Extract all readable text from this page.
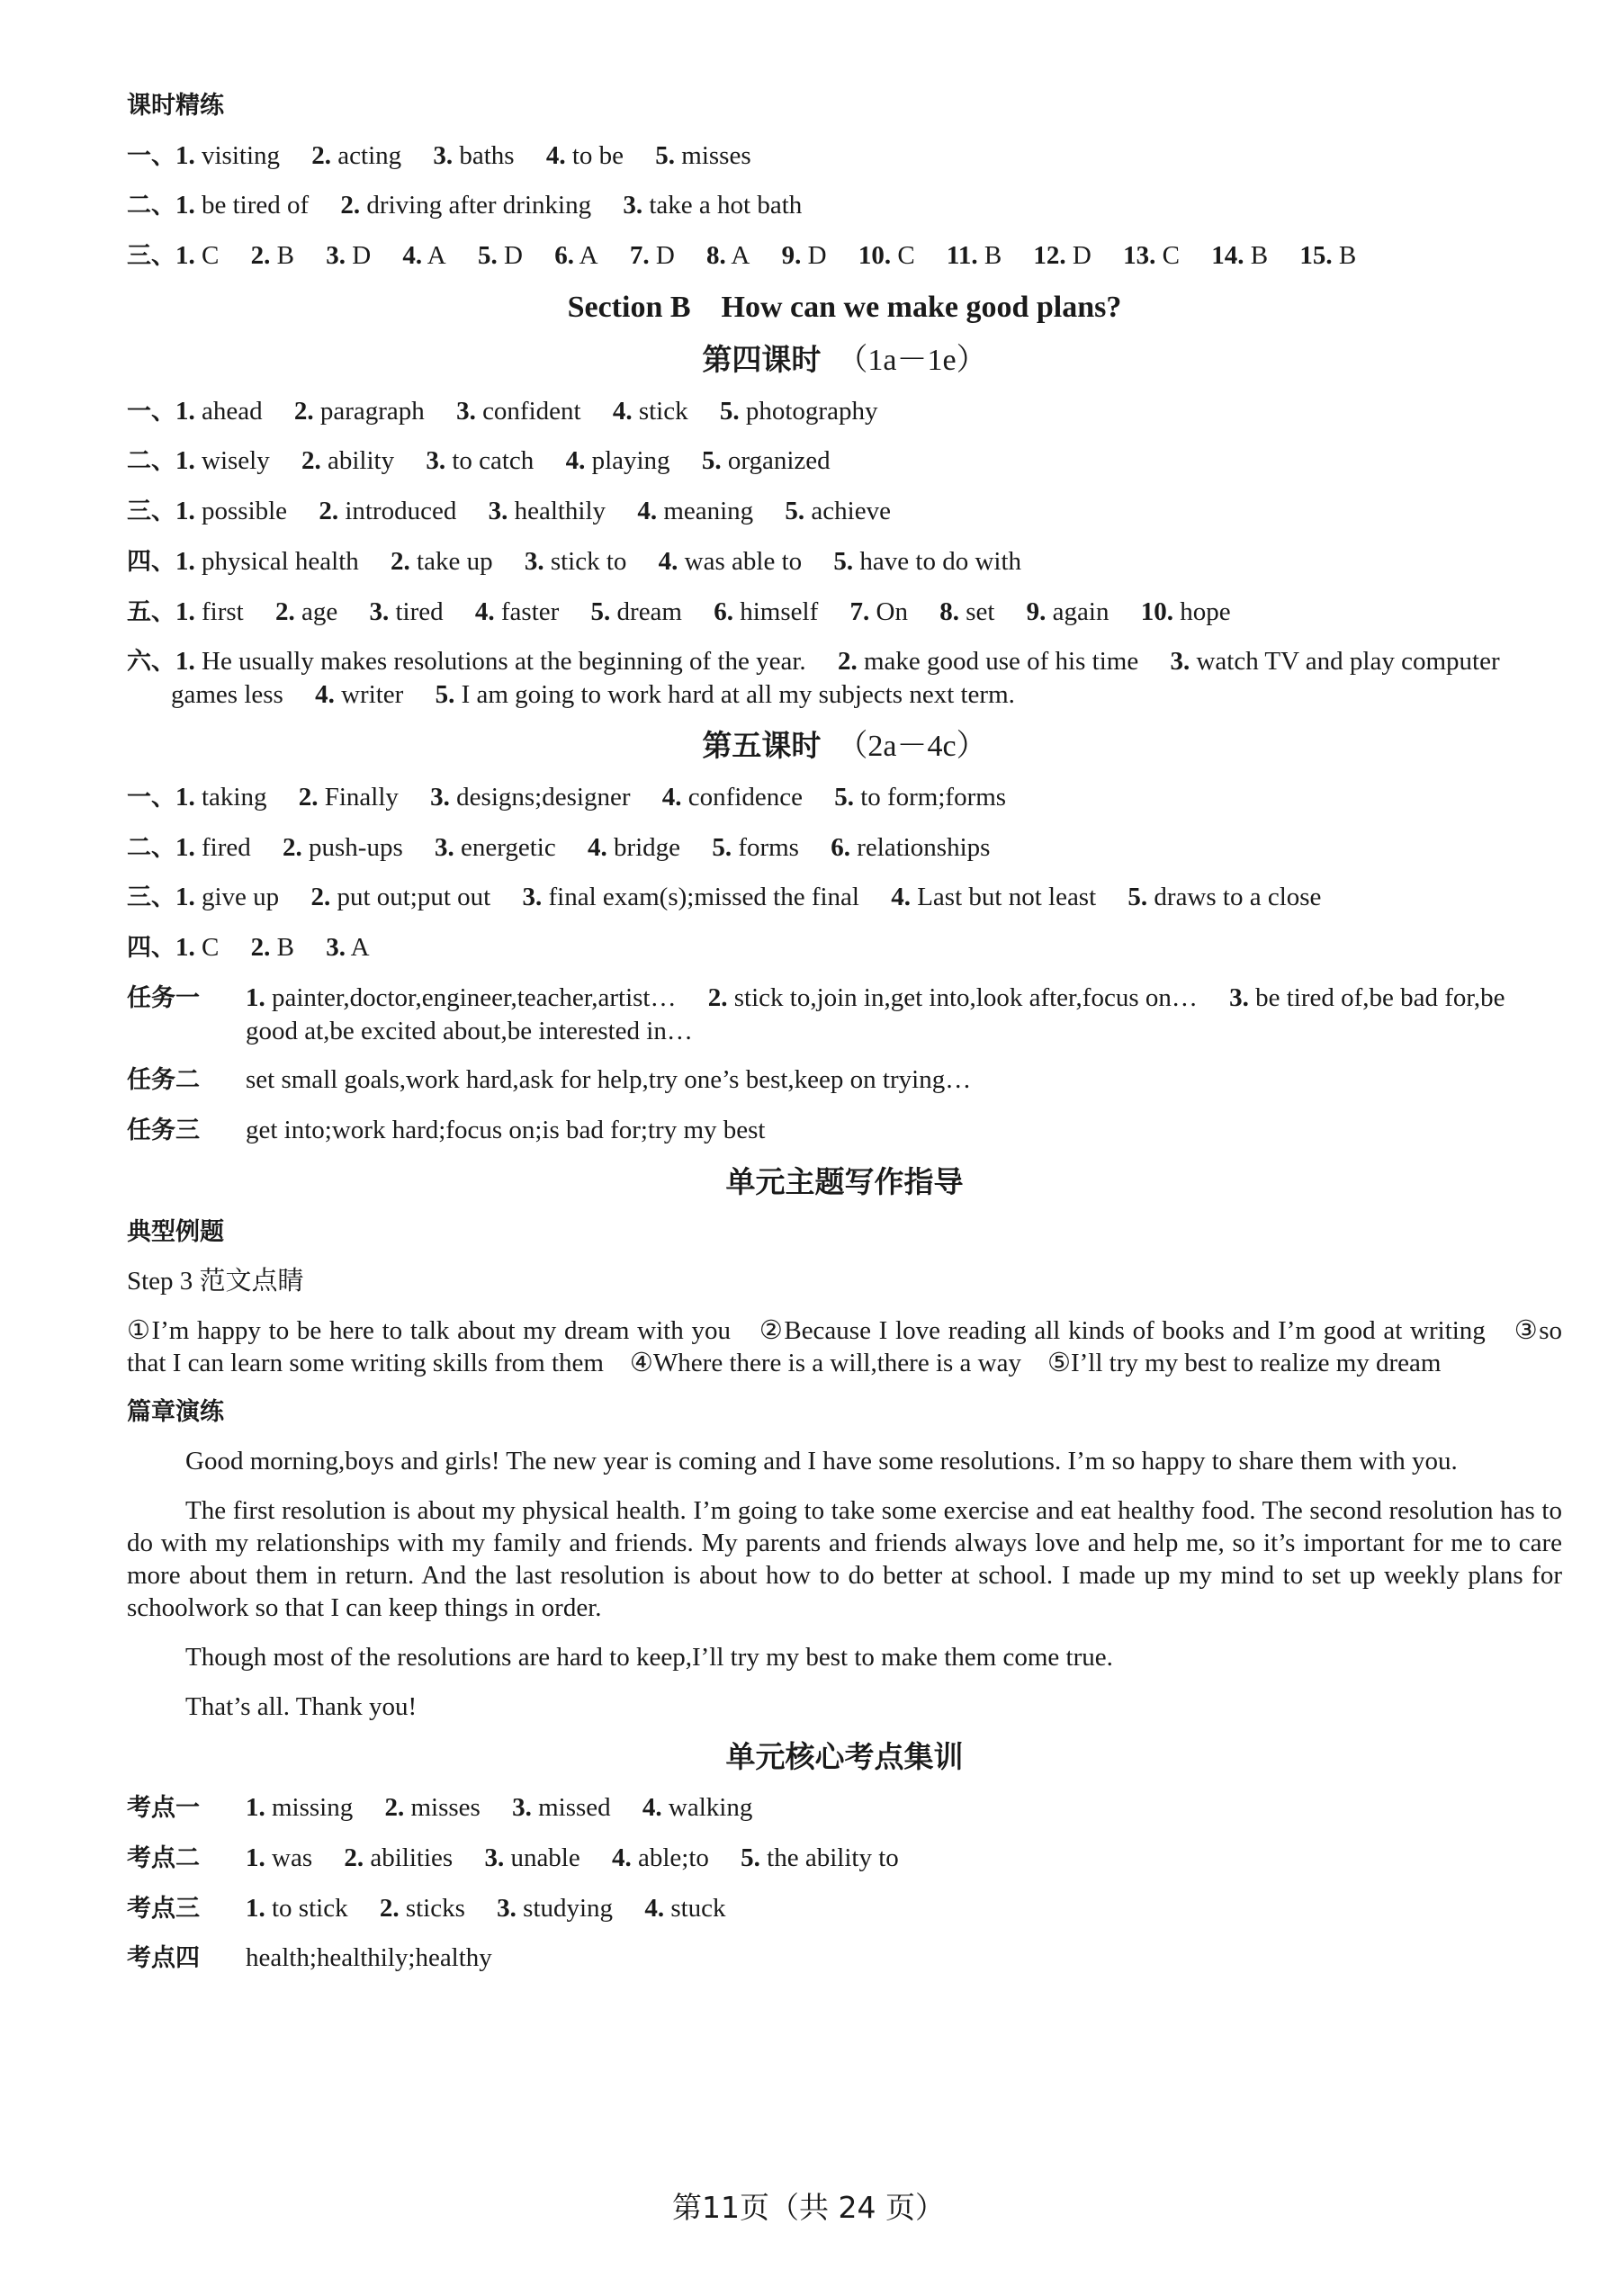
课时精练
一、1. visiting 2. acting 3. baths 4. to be 5. misses
二、1. be tired of 2. driving after drinking 3. take a hot bath
三、1. C 2. B 3. D 4. A 5. D 6. A 7. D 8. A 9. D 10. C 11. B 12. D 13. C 14. B 15. B
Section B　How can we make good plans?
第四课时 （1a－1e）
一、1. ahead 2. paragraph 3. confident 4. stick 5. photography
二、1. wisely 2. ability 3. to catch 4. playing 5. organized
三、1. possible 2. introduced 3. healthily 4. meaning 5. achieve
四、1. physical health 2. take up 3. stick to 4. was able to 5. have to do with
五、1. first 2. age 3. tired 4. faster 5. dream 6. himself 7. On 8. set 9. again 10. hope
六、1. He usually makes resolutions at the beginning of the year. 2. make good use of his time 3. watch TV and play computer games less 4. writer 5. I am going to work hard at all my subjects next term.
第五课时 （2a－4c）
一、1. taking 2. Finally 3. designs;designer 4. confidence 5. to form;forms
二、1. fired 2. push-ups 3. energetic 4. bridge 5. forms 6. relationships
三、1. give up 2. put out;put out 3. final exam(s);missed the final 4. Last but not least 5. draws to a close
四、1. C 2. B 3. A
任务一 1. painter,doctor,engineer,teacher,artist… 2. stick to,join in,get into,look after,focus on… 3. be tired of,be bad for,be good at,be excited about,be interested in…
任务二 set small goals,work hard,ask for help,try one’s best,keep on trying…
任务三 get into;work hard;focus on;is bad for;try my best
单元主题写作指导
典型例题
Step 3 范文点睛
①I’m happy to be here to talk about my dream with you　②Because I love reading all kinds of books and I’m good at writing　③so that I can learn some writing skills from them　④Where there is a will,there is a way　⑤I’ll try my best to realize my dream
篇章演练
Good morning,boys and girls! The new year is coming and I have some resolutions. I’m so happy to share them with you.
The first resolution is about my physical health. I’m going to take some exercise and eat healthy food. The second resolution has to do with my relationships with my family and friends. My parents and friends always love and help me, so it’s important for me to care more about them in return. And the last resolution is about how to do better at school. I made up my mind to set up weekly plans for schoolwork so that I can keep things in order.
Though most of the resolutions are hard to keep,I’ll try my best to make them come true.
That’s all. Thank you!
单元核心考点集训
考点一 1. missing 2. misses 3. missed 4. walking
考点二 1. was 2. abilities 3. unable 4. able;to 5. the ability to
考点三 1. to stick 2. sticks 3. studying 4. stuck
考点四 health;healthily;healthy
第11页（共 24 页）
